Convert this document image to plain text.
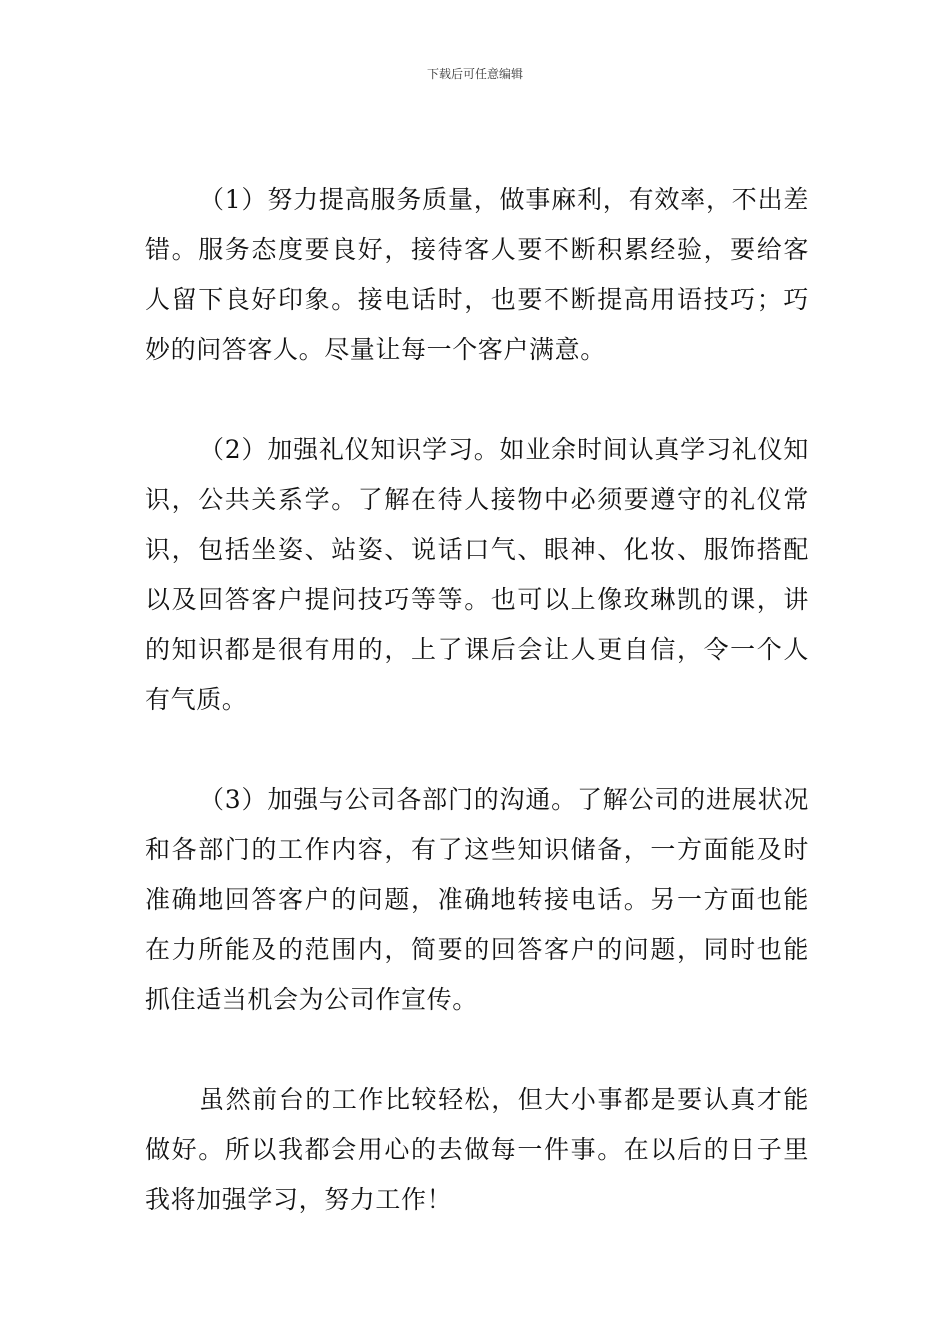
下载后可任意编辑

（1）努力提高服务质量，做事麻利，有效率，不出差错。服务态度要良好，接待客人要不断积累经验，要给客人留下良好印象。接电话时，也要不断提高用语技巧；巧妙的问答客人。尽量让每一个客户满意。

（2）加强礼仪知识学习。如业余时间认真学习礼仪知识，公共关系学。了解在待人接物中必须要遵守的礼仪常识，包括坐姿、站姿、说话口气、眼神、化妆、服饰搭配以及回答客户提问技巧等等。也可以上像玫琳凯的课，讲的知识都是很有用的，上了课后会让人更自信，令一个人有气质。

（3）加强与公司各部门的沟通。了解公司的进展状况和各部门的工作内容，有了这些知识储备，一方面能及时准确地回答客户的问题，准确地转接电话。另一方面也能在力所能及的范围内，简要的回答客户的问题，同时也能抓住适当机会为公司作宣传。

虽然前台的工作比较轻松，但大小事都是要认真才能做好。所以我都会用心的去做每一件事。在以后的日子里我将加强学习，努力工作！
